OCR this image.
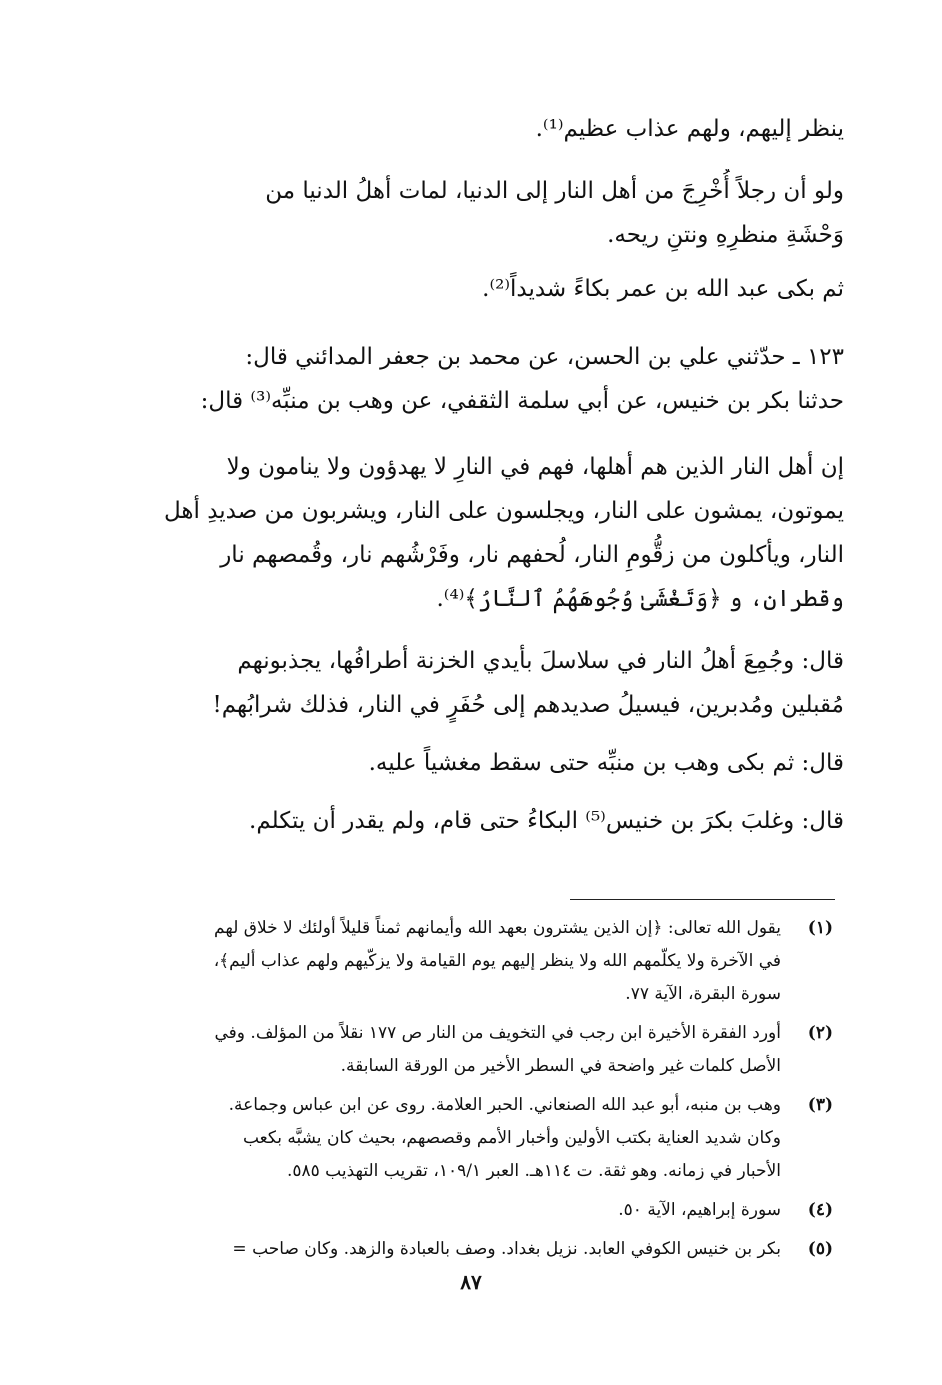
ينظر إليهم، ولهم عذاب عظيم⁽¹⁾.
ولو أن رجلاً أُخْرِجَ من أهل النار إلى الدنيا، لمات أهلُ الدنيا من
وَحْشَةِ منظرِهِ ونتنِ ريحه.
ثم بكى عبد الله بن عمر بكاءً شديداً⁽²⁾.
١٢٣ ـ حدّثني علي بن الحسن، عن محمد بن جعفر المدائني قال:
حدثنا بكر بن خنيس، عن أبي سلمة الثقفي، عن وهب بن منبِّه⁽³⁾ قال:
إن أهل النار الذين هم أهلها، فهم في النارِ لا يهدؤون ولا ينامون ولا
يموتون، يمشون على النار، ويجلسون على النار، ويشربون من صديدِ أهل
النار، ويأكلون من زقُّومِ النار، لُحفهم نار، وفَرْشُهم نار، وقُمصهم نار
وقطران، و ﴿وَتَغْشَىٰ وُجُوهَهُمُ ٱلنَّارُ﴾⁽⁴⁾.
قال: وجُمِعَ أهلُ النار في سلاسلَ بأيدي الخزنة أطرافُها، يجذبونهم
مُقبلين ومُدبرين، فيسيلُ صديدهم إلى حُفَرٍ في النار، فذلك شرابُهم!
قال: ثم بكى وهب بن منبِّه حتى سقط مغشياً عليه.
قال: وغلبَ بكرَ بن خنيس⁽⁵⁾ البكاءُ حتى قام، ولم يقدر أن يتكلم.
(١)
يقول الله تعالى: ﴿إن الذين يشترون بعهد الله وأيمانهم ثمناً قليلاً أولئك لا خلاق لهم
في الآخرة ولا يكلّمهم الله ولا ينظر إليهم يوم القيامة ولا يزكّيهم ولهم عذاب أليم﴾،
سورة البقرة، الآية ٧٧.
(٢)
أورد الفقرة الأخيرة ابن رجب في التخويف من النار ص ١٧٧ نقلاً من المؤلف. وفي
الأصل كلمات غير واضحة في السطر الأخير من الورقة السابقة.
(٣)
وهب بن منبه، أبو عبد الله الصنعاني. الحبر العلامة. روى عن ابن عباس وجماعة.
وكان شديد العناية بكتب الأولين وأخبار الأمم وقصصهم، بحيث كان يشبَّه بكعب
الأحبار في زمانه. وهو ثقة. ت ١١٤هـ. العبر ١٠٩/١، تقريب التهذيب ٥٨٥.
(٤)
سورة إبراهيم، الآية ٥٠.
(٥)
بكر بن خنيس الكوفي العابد. نزيل بغداد. وصف بالعبادة والزهد. وكان صاحب =
٨٧
